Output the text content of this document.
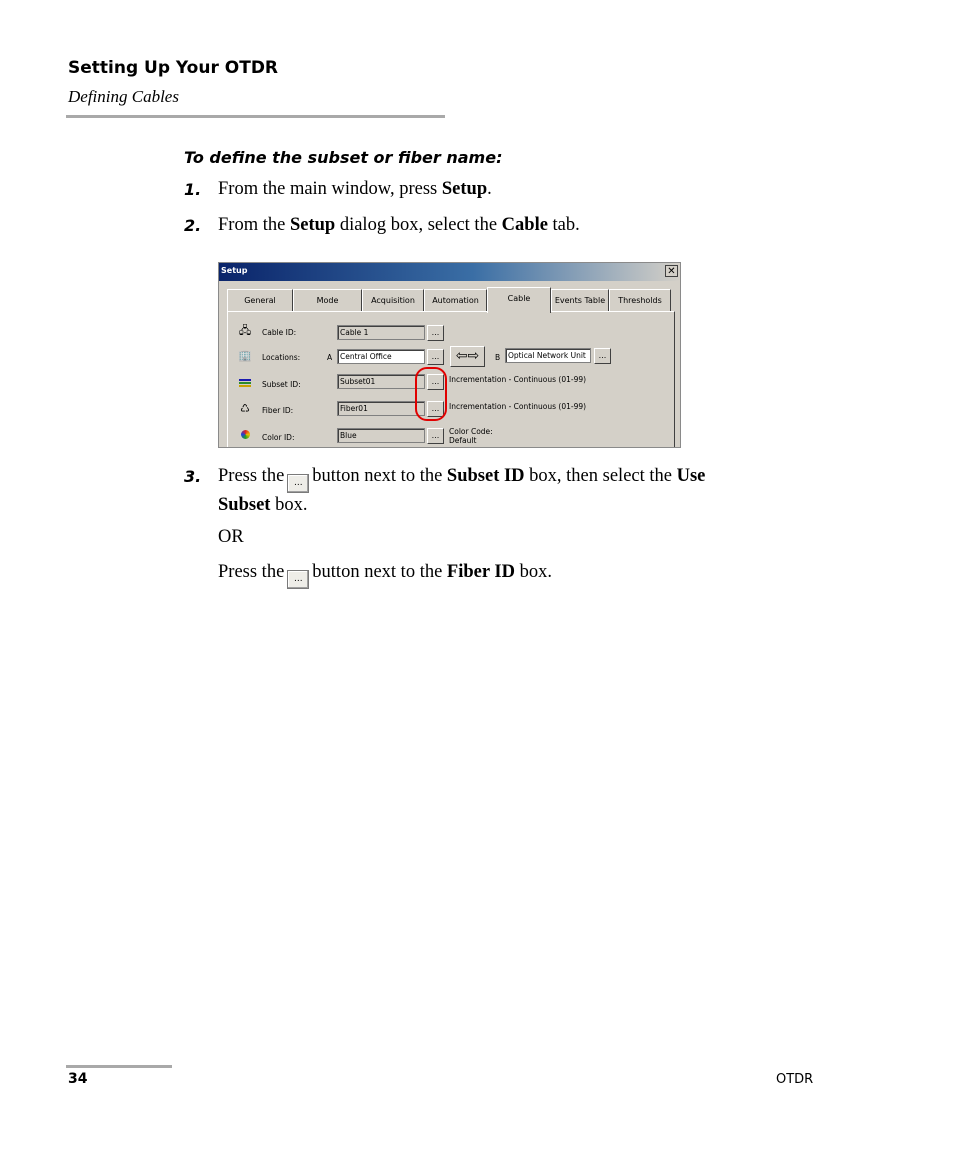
Setting Up Your OTDR
Defining Cables
To define the subset or fiber name:
1. From the main window, press Setup.
2. From the Setup dialog box, select the Cable tab.
Setup	✕
General	Mode	Acquisition	Automation	Cable	Events Table	Thresholds
🖧	Cable ID:	Cable 1	...
🏢 Locations:	A	Central Office	...	⇦⇨	B	Optical Network Unit	...
Subset ID:	Subset01	...	Incrementation - Continuous (01-99)
♺	Fiber ID:	Fiber01	...	Incrementation - Continuous (01-99)
Color ID:	Blue	...	Color Code:
Default
3. Press the ... button next to the Subset ID box, then select the Use
Subset box.
OR
Press the ... button next to the Fiber ID box.
34	OTDR
